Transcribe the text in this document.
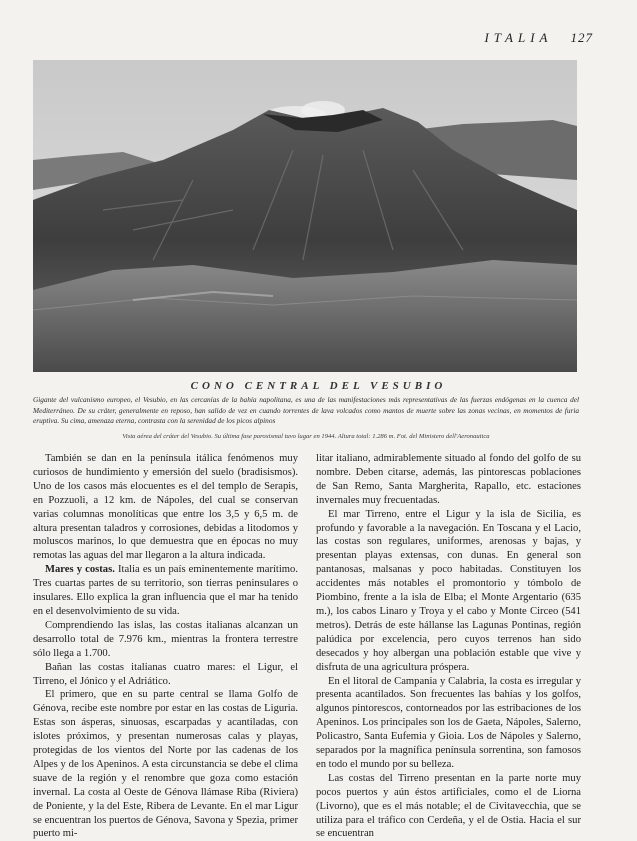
ITALIA 127
CONO CENTRAL DEL VESUBIO
Gigante del vulcanismo europeo, el Vesubio, en las cercanías de la bahía napolitana, es una de las manifestaciones más representativas de las fuerzas endógenas en la cuenca del Mediterráneo. De su cráter, generalmente en reposo, han salido de vez en cuando torrentes de lava volcados como mantos de muerte sobre las zonas vecinas, en momentos de furia eruptiva. Su cima, amenaza eterna, contrasta con la serenidad de los picos alpinos
Vista aérea del cráter del Vesubio. Su última fase paroxismal tuvo lugar en 1944. Altura total: 1.286 m. Fot. del Ministero dell'Aeronautica

También se dan en la península itálica fenómenos muy curiosos de hundimiento y emersión del suelo (bradisismos). Uno de los casos más elocuentes es el del templo de Serapis, en Pozzuoli, a 12 km. de Nápoles, del cual se conservan varias columnas monolíticas que entre los 3,5 y 6,5 m. de altura presentan taladros y corrosiones, debidas a litodomos y moluscos marinos, lo que demuestra que en épocas no muy remotas las aguas del mar llegaron a la altura indicada.

Mares y costas. Italia es un país eminentemente marítimo. Tres cuartas partes de su territorio, son tierras peninsulares o insulares. Ello explica la gran influencia que el mar ha tenido en el desenvolvimiento de su vida.

Comprendiendo las islas, las costas italianas alcanzan un desarrollo total de 7.976 km., mientras la frontera terrestre sólo llega a 1.700.

Bañan las costas italianas cuatro mares: el Ligur, el Tirreno, el Jónico y el Adriático.

El primero, que en su parte central se llama Golfo de Génova, recibe este nombre por estar en las costas de Liguria. Estas son ásperas, sinuosas, escarpadas y acantiladas, con islotes próximos, y presentan numerosas calas y playas, protegidas de los vientos del Norte por las cadenas de los Alpes y de los Apeninos. A esta circunstancia se debe el clima suave de la región y el renombre que goza como estación invernal. La costa al Oeste de Génova llámase Riba (Riviera) de Poniente, y la del Este, Ribera de Levante. En el mar Ligur se encuentran los puertos de Génova, Savona y Spezia, primer puerto mi-

litar italiano, admirablemente situado al fondo del golfo de su nombre. Deben citarse, además, las pintorescas poblaciones de San Remo, Santa Margherita, Rapallo, etc. estaciones invernales muy frecuentadas.

El mar Tirreno, entre el Ligur y la isla de Sicilia, es profundo y favorable a la navegación. En Toscana y el Lacio, las costas son regulares, uniformes, arenosas y bajas, y presentan playas extensas, con dunas. En general son pantanosas, malsanas y poco habitadas. Constituyen los accidentes más notables el promontorio y tómbolo de Piombino, frente a la isla de Elba; el Monte Argentario (635 m.), los cabos Linaro y Troya y el cabo y Monte Circeo (541 metros). Detrás de este hállanse las Lagunas Pontinas, región palúdica por excelencia, pero cuyos terrenos han sido desecados y hoy albergan una población estable que vive y disfruta de una agricultura próspera.

En el litoral de Campania y Calabria, la costa es irregular y presenta acantilados. Son frecuentes las bahías y los golfos, algunos pintorescos, contorneados por las estribaciones de los Apeninos. Los principales son los de Gaeta, Nápoles, Salerno, Policastro, Santa Eufemia y Gioia. Los de Nápoles y Salerno, separados por la magnífica península sorrentina, son famosos en todo el mundo por su belleza.

Las costas del Tirreno presentan en la parte norte muy pocos puertos y aún éstos artificiales, como el de Liorna (Livorno), que es el más notable; el de Civitavecchia, que se utiliza para el tráfico con Cerdeña, y el de Ostia. Hacia el sur se encuentran
